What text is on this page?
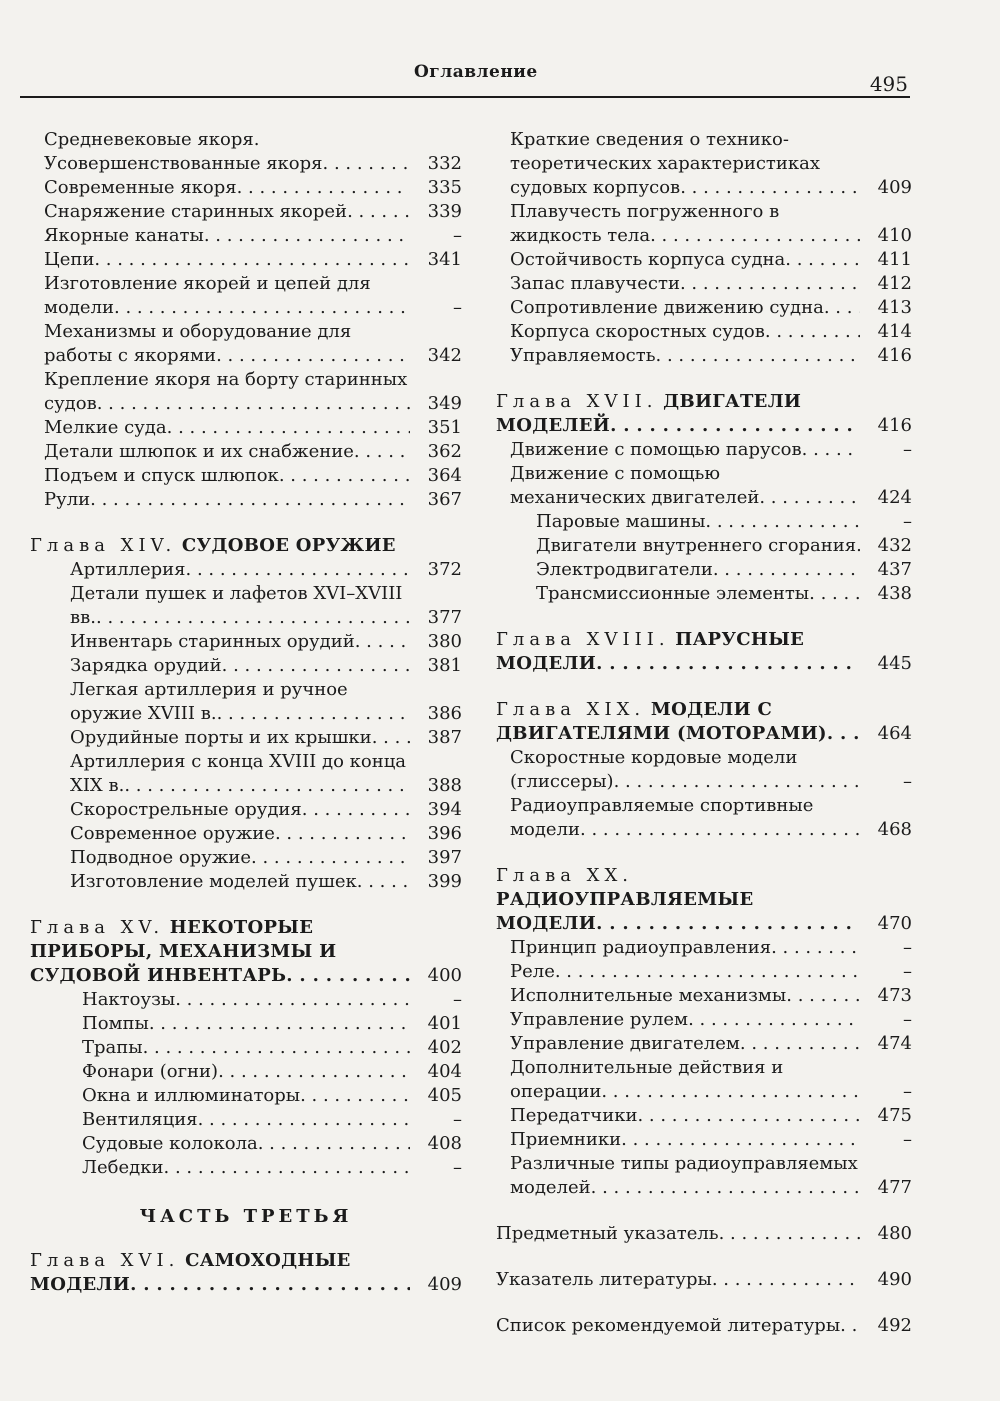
Оглавление	495
Средневековые якоря. Усовершенствованные якоря . . .	332
Современные якоря . . .	335
Снаряжение старинных якорей . . .	339
Якорные канаты . . .	–
Цепи . . .	341
Изготовление якорей и цепей для модели . . .	–
Механизмы и оборудование для работы с якорями . . .	342
Крепление якоря на борту старинных судов . . .	349
Мелкие суда . . .	351
Детали шлюпок и их снабжение . . .	362
Подъем и спуск шлюпок . . .	364
Рули . . .	367
Глава XIV. СУДОВОЕ ОРУЖИЕ
Артиллерия . . .	372
Детали пушек и лафетов XVI–XVIII вв. . . .	377
Инвентарь старинных орудий . . .	380
Зарядка орудий . . .	381
Легкая артиллерия и ручное оружие XVIII в. . . .	386
Орудийные порты и их крышки . . .	387
Артиллерия с конца XVIII до конца XIX в. . . .	388
Скорострельные орудия . . .	394
Современное оружие . . .	396
Подводное оружие . . .	397
Изготовление моделей пушек . . .	399
Глава XV. НЕКОТОРЫЕ ПРИБОРЫ, МЕХАНИЗМЫ И СУДОВОЙ ИНВЕНТАРЬ . . .	400
Нактоузы . . .	–
Помпы . . .	401
Трапы . . .	402
Фонари (огни) . . .	404
Окна и иллюминаторы . . .	405
Вентиляция . . .	–
Судовые колокола . . .	408
Лебедки . . .	–
ЧАСТЬ ТРЕТЬЯ
Глава XVI. САМОХОДНЫЕ МОДЕЛИ . . .	409
Краткие сведения о технико-теоретических характеристиках судовых корпусов . . .	409
Плавучесть погруженного в жидкость тела . . .	410
Остойчивость корпуса судна . . .	411
Запас плавучести . . .	412
Сопротивление движению судна . . .	413
Корпуса скоростных судов . . .	414
Управляемость . . .	416
Глава XVII. ДВИГАТЕЛИ МОДЕЛЕЙ . . .	416
Движение с помощью парусов . . .	–
Движение с помощью механических двигателей . . .	424
Паровые машины . . .	–
Двигатели внутреннего сгорания . . .	432
Электродвигатели . . .	437
Трансмиссионные элементы . . .	438
Глава XVIII. ПАРУСНЫЕ МОДЕЛИ . . .	445
Глава XIX. МОДЕЛИ С ДВИГАТЕЛЯМИ (МОТОРАМИ) . . .	464
Скоростные кордовые модели (глиссеры) . . .	–
Радиоуправляемые спортивные модели . . .	468
Глава XX. РАДИОУПРАВЛЯЕМЫЕ МОДЕЛИ . . .	470
Принцип радиоуправления . . .	–
Реле . . .	–
Исполнительные механизмы . . .	473
Управление рулем . . .	–
Управление двигателем . . .	474
Дополнительные действия и операции . . .	–
Передатчики . . .	475
Приемники . . .	–
Различные типы радиоуправляемых моделей . . .	477
Предметный указатель . . .	480
Указатель литературы . . .	490
Список рекомендуемой литературы . . .	492
